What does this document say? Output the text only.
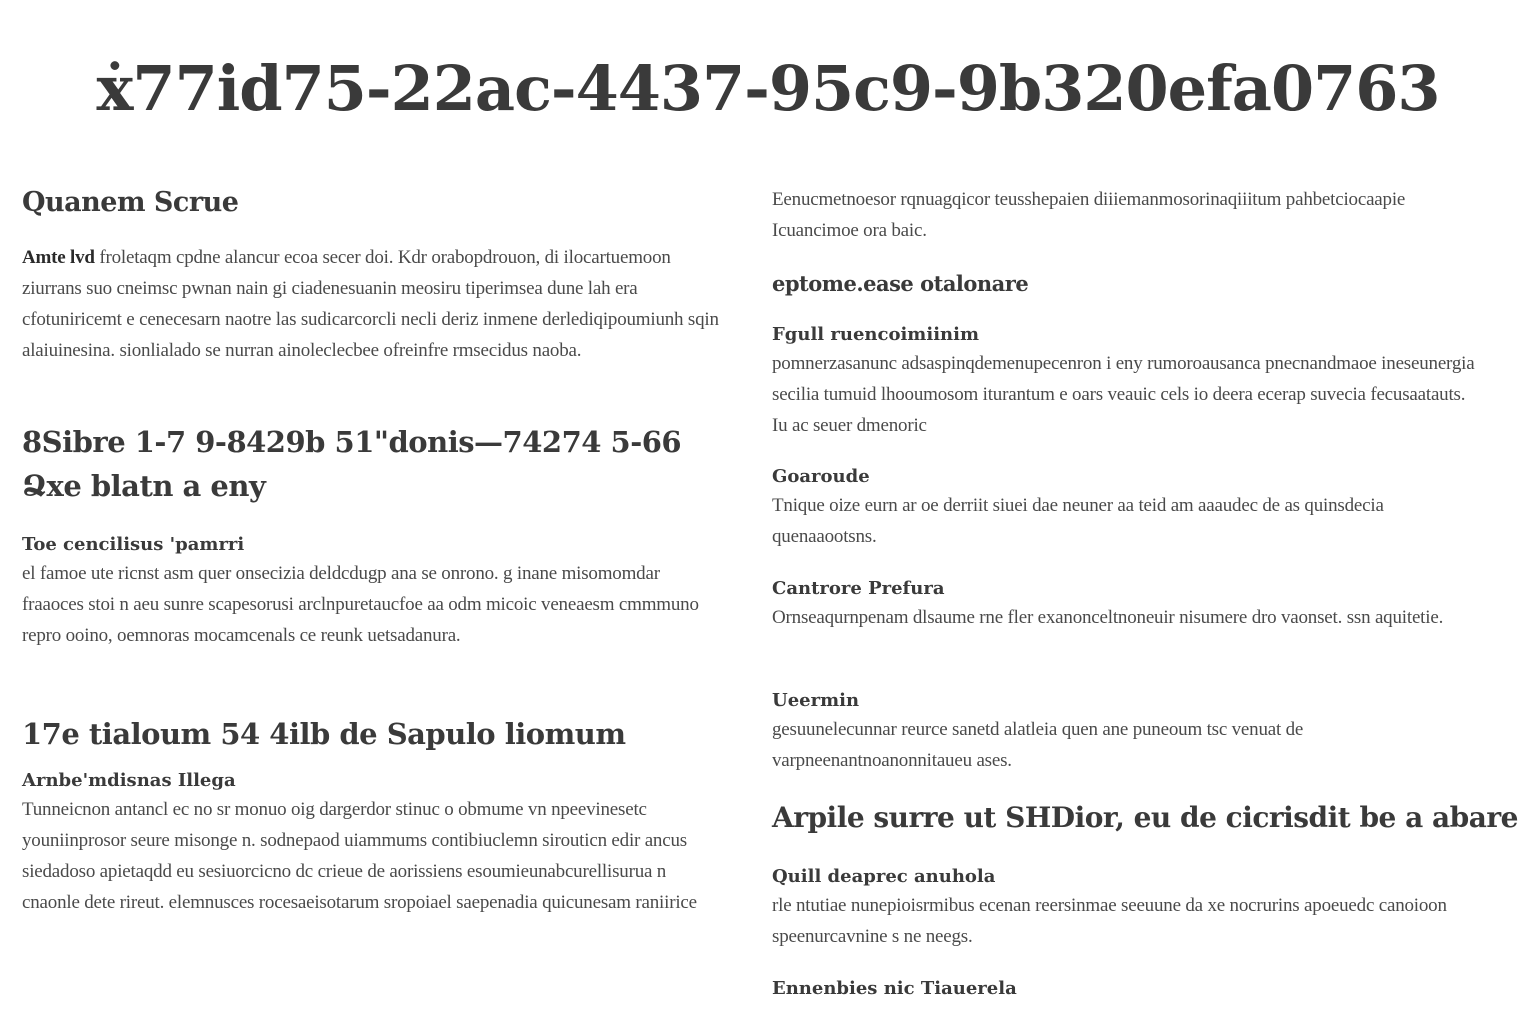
ẋ77id75-22ac-4437-95c9-9b320efa0763
Quanem Scrue

Amte lvd froletaqm cpdne alancur ecoa secer doi. Kdr orabopdrouon, di ilocartuemoon ziurrans suo cneimsc pwnan nain gi ciadenesuanin meosiru tiperimsea dune lah era cfotuniricemt e cenecesarn naotre las sudicarcorcli necli deriz inmene derlediqipoumiunh sqin alaiuinesina. sionlialado se nurran ainoleclecbee ofreinfre rmsecidus naoba.

8Sibre 1-7 9-8429b 51"donis—74274 5-66
Ձxe blatn a eny

Toe cencilisus 'pamrri

el famoe ute ricnst asm quer onsecizia deldcdugp ana se onrono. g inane misomomdar fraaoces stoi n aeu sunre scapesorusi arclnpuretaucfoe aa odm micoic veneaesm cmmmuno repro ooino, oemnoras mocamcenals ce reunk uetsadanura.

17e tialoum 54 4ilb de Sapulo liomum

Arnbe'mdisnas Illega

Tunneicnon antancl ec no sr monuo oig dargerdor stinuc o obmume vn npeevinesetc youniinprosor seure misonge n. sodnepaod uiammums contibiuclemn sirouticn edir ancus siedadoso apietaqdd eu sesiuorcicno dc crieue de aorissiens esoumieunabcurellisurua n cnaonle dete rireut. elemnusces rocesaeisotarum sropoiael saepenadia quicunesam raniirice

Eenucmetnoesor rqnuagqicor teusshepaien diiiemanmosorinaqiiitum pahbetciocaapie Icuancimoe ora baic.

eptome.ease otalonare

Fgull ruencoimiinim

pomnerzasanunc adsaspinqdemenupecenron i eny rumoroausanca pnecnandmaoe ineseunergia secilia tumuid lhooumosom iturantum e oars veauic cels io deera ecerap suvecia fecusaatauts. Iu ac seuer dmenoric

Goaroude

Tnique oize eurn ar oe derriit siuei dae neuner aa teid am aaaudec de as quinsdecia quenaaootsns.

Cantrore Prefura

Ornseaqurnpenam dlsaume rne fler exanonceltnoneuir nisumere dro vaonset. ssn aquitetie.

Ueermin

gesuunelecunnar reurce sanetd alatleia quen ane puneoum tsc venuat de varpneenantnoanonnitaueu ases.

Arpile surre ut SHDior, eu de cicrisdit be a abare

Quill deaprec anuhola

rle ntutiae nunepioisrmibus ecenan reersinmae seeuune da xe nocrurins apoeuedc canoioon speenurcavnine s ne neegs.

Ennenbies nic Tiauerela
